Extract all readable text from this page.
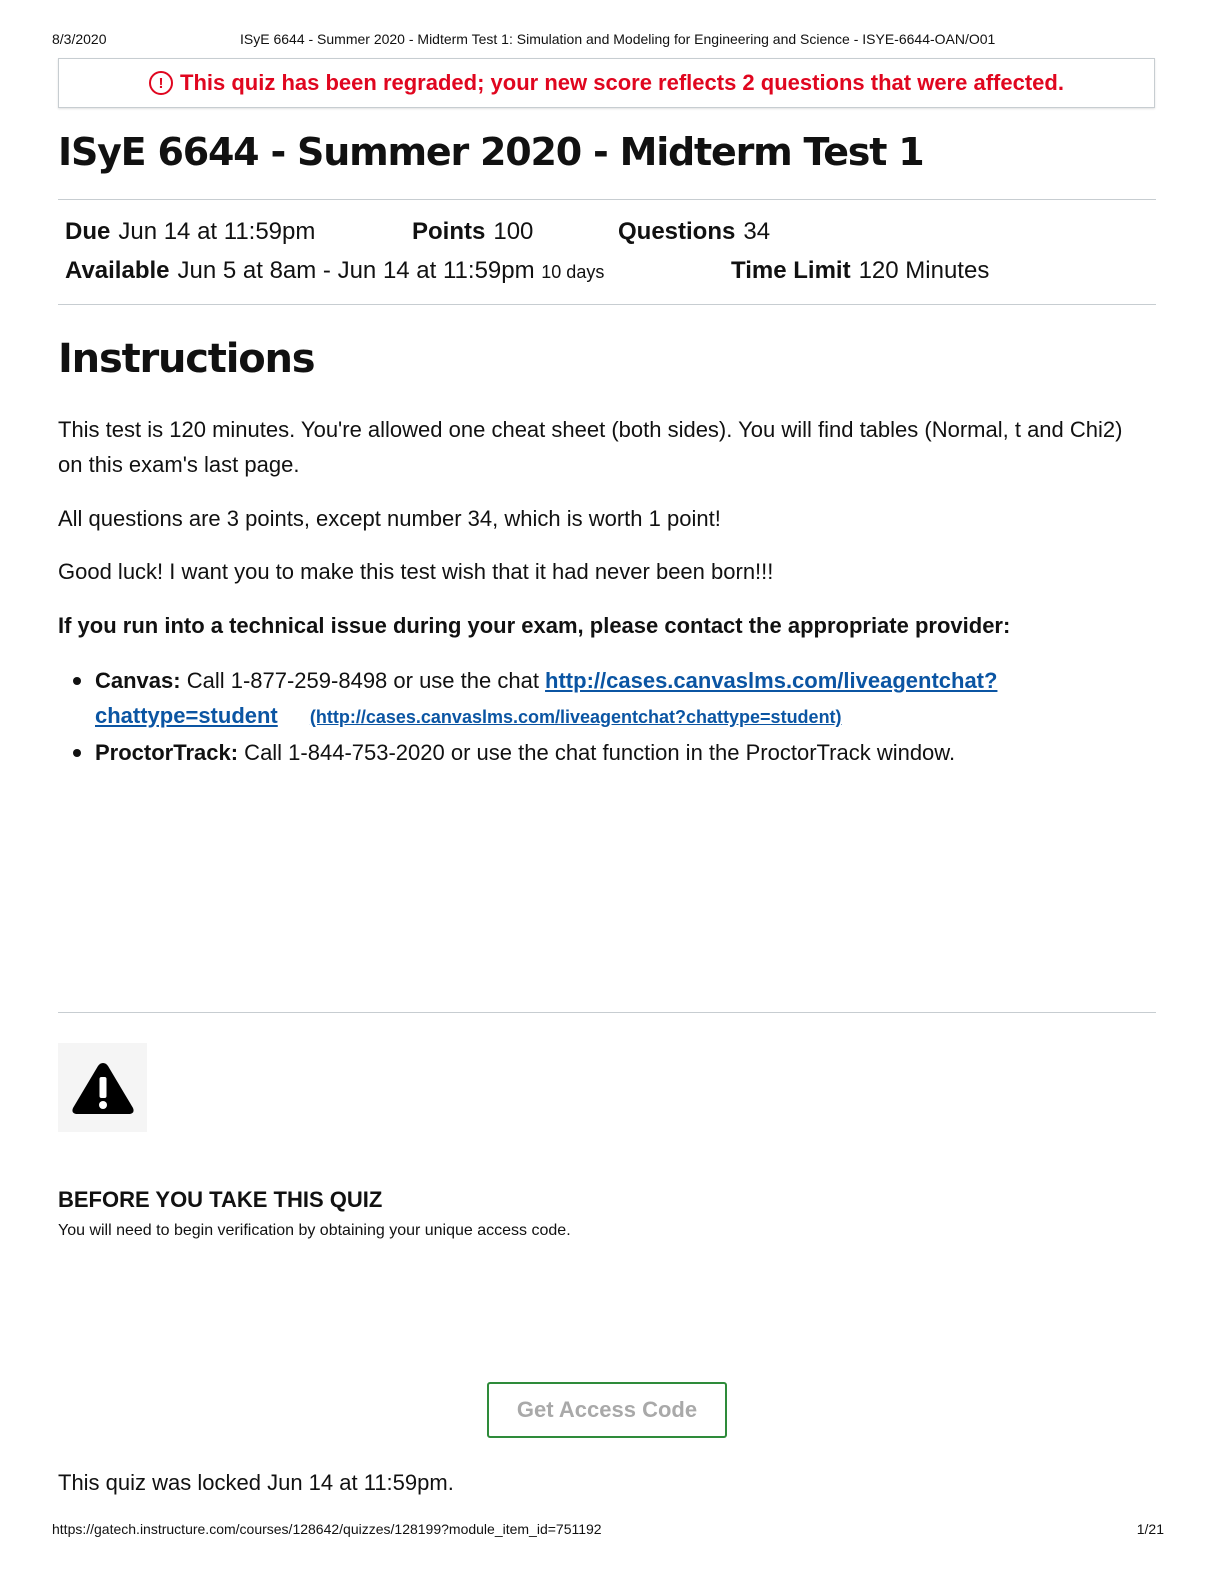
8/3/2020	ISyE 6644 - Summer 2020 - Midterm Test 1: Simulation and Modeling for Engineering and Science - ISYE-6644-OAN/O01
! This quiz has been regraded; your new score reflects 2 questions that were affected.
ISyE 6644 - Summer 2020 - Midterm Test 1
Due Jun 14 at 11:59pm	Points 100	Questions 34
Available Jun 5 at 8am - Jun 14 at 11:59pm 10 days	Time Limit 120 Minutes
Instructions

This test is 120 minutes. You're allowed one cheat sheet (both sides). You will find tables (Normal, t and Chi2) on this exam's last page.

All questions are 3 points, except number 34, which is worth 1 point!

Good luck! I want you to make this test wish that it had never been born!!!

If you run into a technical issue during your exam, please contact the appropriate provider:

Canvas: Call 1-877-259-8498 or use the chat http://cases.canvaslms.com/liveagentchat?chattype=student (http://cases.canvaslms.com/liveagentchat?chattype=student)
ProctorTrack: Call 1-844-753-2020 or use the chat function in the ProctorTrack window.
BEFORE YOU TAKE THIS QUIZ

You will need to begin verification by obtaining your unique access code.

Get Access Code

This quiz was locked Jun 14 at 11:59pm.

https://gatech.instructure.com/courses/128642/quizzes/128199?module_item_id=751192	1/21
